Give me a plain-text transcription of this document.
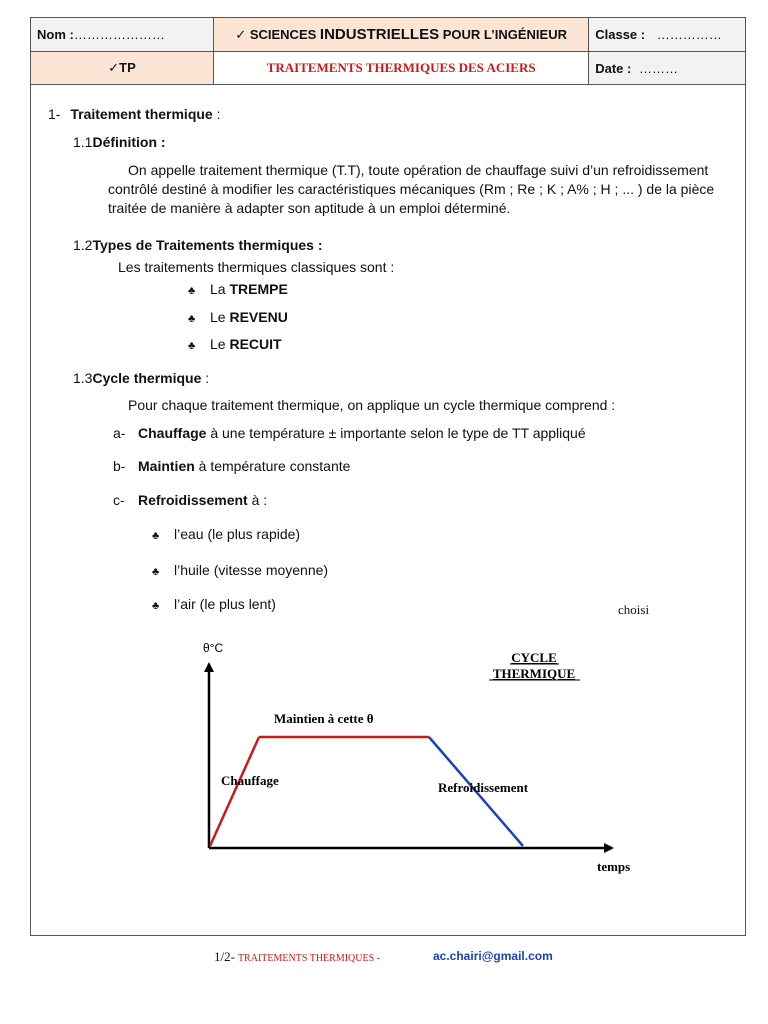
Nom :…………………	✓ SCIENCES INDUSTRIELLES POUR L’INGÉNIEUR	Classe : ……………
✓TP	TRAITEMENTS THERMIQUES DES ACIERS	Date : ………
1- Traitement thermique :
1.1Définition :
On appelle traitement thermique (T.T), toute opération de chauffage suivi d’un refroidissement contrôlé destiné à modifier les caractéristiques mécaniques (Rm ; Re ; K ; A% ; H ; ... ) de la pièce traitée de manière à adapter son aptitude à un emploi déterminé.
1.2Types de Traitements thermiques :
Les traitements thermiques classiques sont :
♣ La TREMPE
♣ Le REVENU
♣ Le RECUIT
1.3Cycle thermique :
Pour chaque traitement thermique, on applique un cycle thermique comprend :
a- Chauffage à une température ± importante selon le type de TT appliqué
b- Maintien à température constante
c- Refroidissement à :
♣ l’eau (le plus rapide)
♣ l’huile (vitesse moyenne)
♣ l’air (le plus lent)	choisi
θ°C
temps
CYCLE
THERMIQUE
Maintien à cette θ
Chauffage	Refroidissement
1/2- TRAITEMENTS THERMIQUES -	ac.chairi@gmail.com
